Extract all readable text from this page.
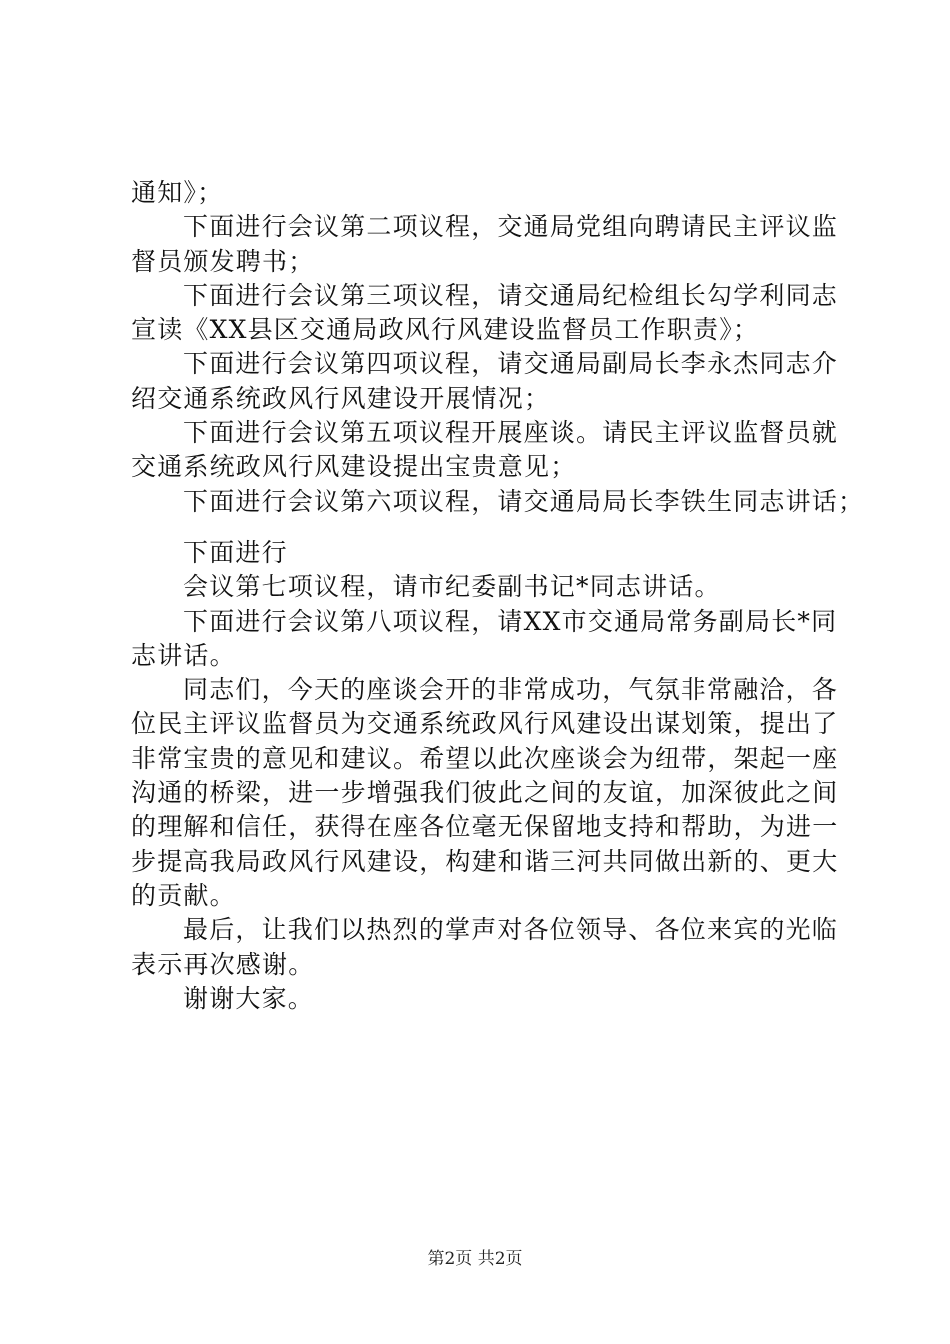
通知》；
下面进行会议第二项议程，交通局党组向聘请民主评议监
督员颁发聘书；
下面进行会议第三项议程，请交通局纪检组长勾学利同志
宣读《XX县区交通局政风行风建设监督员工作职责》；
下面进行会议第四项议程，请交通局副局长李永杰同志介
绍交通系统政风行风建设开展情况；
下面进行会议第五项议程开展座谈。请民主评议监督员就
交通系统政风行风建设提出宝贵意见；
下面进行会议第六项议程，请交通局局长李铁生同志讲话；
下面进行
会议第七项议程，请市纪委副书记*同志讲话。
下面进行会议第八项议程，请XX市交通局常务副局长*同
志讲话。
同志们，今天的座谈会开的非常成功，气氛非常融洽，各
位民主评议监督员为交通系统政风行风建设出谋划策，提出了
非常宝贵的意见和建议。希望以此次座谈会为纽带，架起一座
沟通的桥梁，进一步增强我们彼此之间的友谊，加深彼此之间
的理解和信任，获得在座各位毫无保留地支持和帮助，为进一
步提高我局政风行风建设，构建和谐三河共同做出新的、更大
的贡献。
最后，让我们以热烈的掌声对各位领导、各位来宾的光临
表示再次感谢。
谢谢大家。
第2页 共2页
